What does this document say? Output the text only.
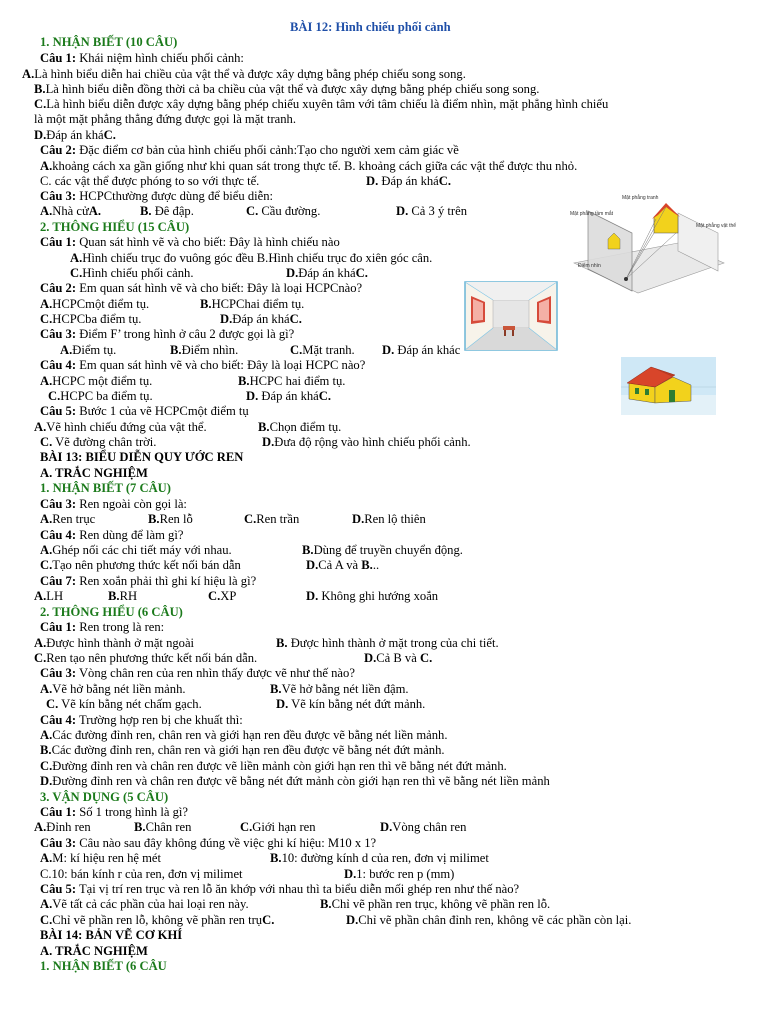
BÀI 12: Hình chiếu phối cảnh
1. NHẬN BIẾT (10 CÂU)
Câu 1: Khái niệm hình chiếu phối cảnh:
A.Là hình biểu diễn hai chiều của vật thể và được xây dựng bằng phép chiếu song song.
B.Là hình biểu diễn đồng thời cả ba chiều của vật thể và được xây dựng bằng phép chiếu song song.
C.Là hình biểu diễn được xây dựng bằng phép chiếu xuyên tâm với tâm chiếu là điểm nhìn, mặt phẳng hình chiếu
là một mặt phẳng thẳng đứng được gọi là mặt tranh.
D.Đáp án kháC.
Câu 2: Đặc điểm cơ bản của hình chiếu phối cảnh:Tạo cho người xem cảm giác về
A.khoảng cách xa gần giống như khi quan sát trong thực tế. B. khoảng cách giữa các vật thể được thu nhỏ.
C. các vật thể được phóng to so với thực tế.	D. Đáp án kháC.
Câu 3: HCPCthường được dùng để biểu diễn:
A.Nhà cửA.	B. Đê đập.	C. Cầu đường.	D. Cả 3 ý trên
2. THÔNG HIỂU (15 CÂU)
Câu 1: Quan sát hình vẽ và cho biết: Đây là hình chiếu nào
A.Hình chiếu trục đo vuông góc đều B.Hình chiếu trục đo xiên góc cân.
C.Hình chiếu phối cảnh.	D.Đáp án kháC.
Câu 2: Em quan sát hình vẽ và cho biết: Đây là loại HCPCnào?
A.HCPCmột điểm tụ.	B.HCPChai điểm tụ.
C.HCPCba điểm tụ.	D.Đáp án kháC.
Câu 3: Điểm F’ trong hình ở câu 2 được gọi là gì?
A.Điểm tụ.	B.Điểm nhìn.	C.Mặt tranh. D. Đáp án khác
Câu 4: Em quan sát hình vẽ và cho biết: Đây là loại HCPC nào?
A.HCPC một điểm tụ.	B.HCPC hai điểm tụ.
C.HCPC ba điểm tụ.	D. Đáp án kháC.
Câu 5: Bước 1 của vẽ HCPCmột điểm tụ
A.Vẽ hình chiếu đứng của vật thể.	B.Chọn điểm tụ.
C. Vẽ đường chân trời.	D.Đưa độ rộng vào hình chiếu phối cảnh.
BÀI 13: BIỂU DIỄN QUY ƯỚC REN
A. TRẮC NGHIỆM
1. NHẬN BIẾT (7 CÂU)
Câu 3: Ren ngoài còn gọi là:
A.Ren trục	B.Ren lỗ	C.Ren trần	D.Ren lộ thiên
Câu 4: Ren dùng để làm gì?
A.Ghép nối các chi tiết máy với nhau.	B.Dùng để truyền chuyển động.
C.Tạo nên phương thức kết nối bán dẫn	D.Cả A và B...
Câu 7: Ren xoắn phải thì ghi kí hiệu là gì?
A.LH	B.RH	C.XP	D. Không ghi hướng xoắn
2. THÔNG HIỂU (6 CÂU)
Câu 1: Ren trong là ren:
A.Được hình thành ở mặt ngoài	B. Được hình thành ở mặt trong của chi tiết.
C.Ren tạo nên phương thức kết nối bán dẫn.	D.Cả B và C.
Câu 3: Vòng chân ren của ren nhìn thấy được vẽ như thế nào?
A.Vẽ hở bằng nét liền mảnh.	B.Vẽ hở bằng nét liền đậm.
C. Vẽ kín bằng nét chấm gạch.	D. Vẽ kín bằng nét đứt mảnh.
Câu 4: Trường hợp ren bị che khuất thì:
A.Các đường đỉnh ren, chân ren và giới hạn ren đều được vẽ bằng nét liền mảnh.
B.Các đường đỉnh ren, chân ren và giới hạn ren đều được vẽ bằng nét đứt mảnh.
C.Đường đỉnh ren và chân ren được vẽ liền mảnh còn giới hạn ren thì vẽ bằng nét đứt mảnh.
D.Đường đỉnh ren và chân ren được vẽ bằng nét đứt mảnh còn giới hạn ren thì vẽ bằng nét liền mảnh
3. VẬN DỤNG (5 CÂU)
Câu 1: Số 1 trong hình là gì?
A.Đỉnh ren	B.Chân ren	C.Giới hạn ren	D.Vòng chân ren
Câu 3: Câu nào sau đây không đúng về việc ghi kí hiệu: M10 x 1?
A.M: kí hiệu ren hệ mét	B.10: đường kính d của ren, đơn vị milimet
C.10: bán kính r của ren, đơn vị milimet	D.1: bước ren p (mm)
Câu 5: Tại vị trí ren trục và ren lỗ ăn khớp với nhau thì ta biểu diễn mối ghép ren như thế nào?
A.Vẽ tất cả các phần của hai loại ren này.	B.Chỉ vẽ phần ren trục, không vẽ phần ren lỗ.
C.Chỉ vẽ phần ren lỗ, không vẽ phần ren trụC.	D.Chỉ vẽ phần chân đỉnh ren, không vẽ các phần còn lại.
BÀI 14: BẢN VẼ CƠ KHÍ
A. TRẮC NGHIỆM
1. NHẬN BIẾT (6 CÂU
Mặt phẳng tranh
Mặt phẳng tầm mắt
Mặt phẳng vật thể
Điểm nhìn
